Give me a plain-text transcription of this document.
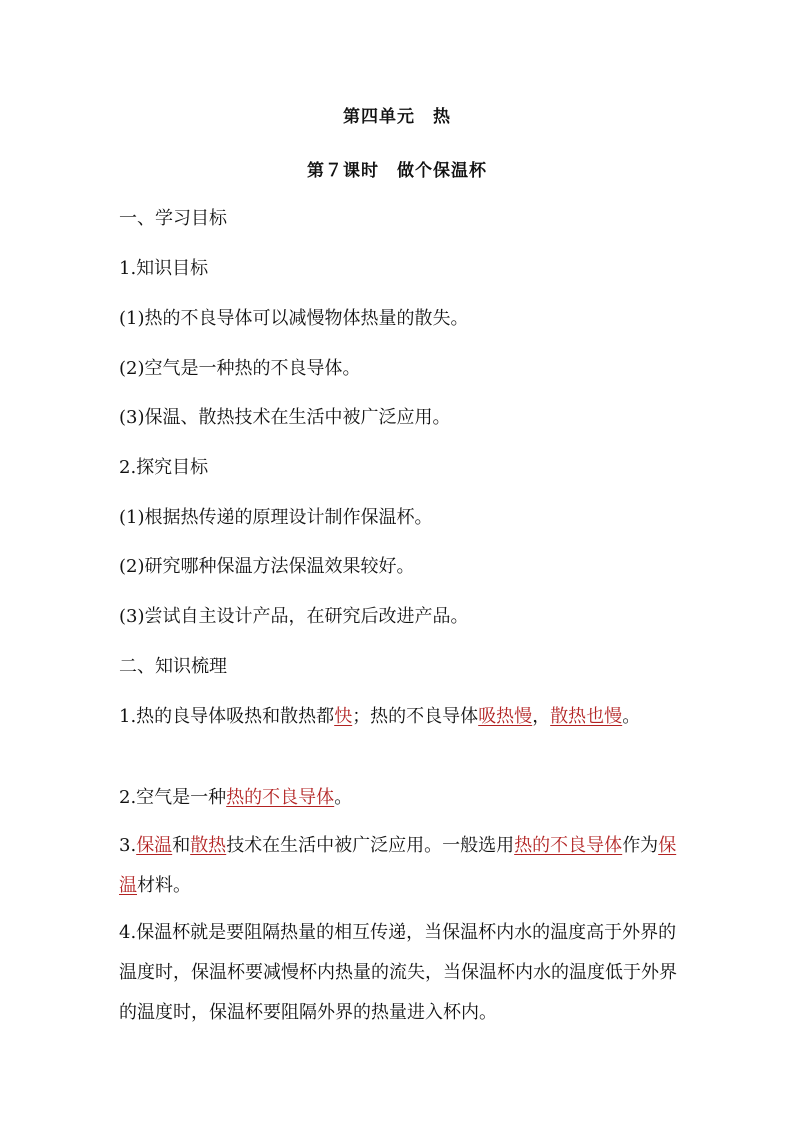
第四单元　热
第７课时　做个保温杯
一、学习目标
1.知识目标
(1)热的不良导体可以减慢物体热量的散失。
(2)空气是一种热的不良导体。
(3)保温、散热技术在生活中被广泛应用。
2.探究目标
(1)根据热传递的原理设计制作保温杯。
(2)研究哪种保温方法保温效果较好。
(3)尝试自主设计产品，在研究后改进产品。
二、知识梳理
1.热的良导体吸热和散热都快；热的不良导体吸热慢，散热也慢。
2.空气是一种热的不良导体。
3.保温和散热技术在生活中被广泛应用。一般选用热的不良导体作为保温材料。
4.保温杯就是要阻隔热量的相互传递，当保温杯内水的温度高于外界的温度时，保温杯要减慢杯内热量的流失，当保温杯内水的温度低于外界的温度时，保温杯要阻隔外界的热量进入杯内。
